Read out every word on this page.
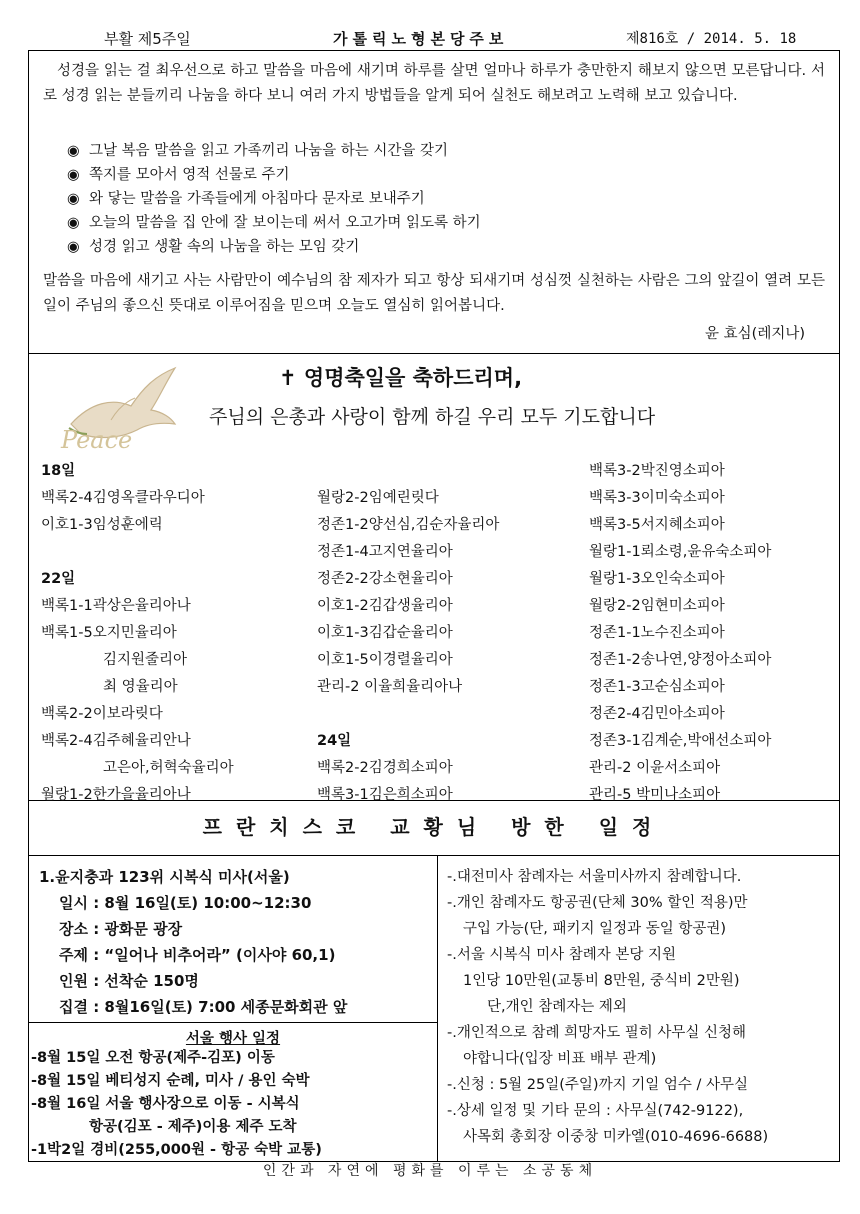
부활 제5주일	가톨릭노형본당주보	제816호 / 2014. 5. 18
성경을 읽는 걸 최우선으로 하고 말씀을 마음에 새기며 하루를 살면 얼마나 하루가 충만한지 해보지 않으면 모른답니다. 서로 성경 읽는 분들끼리 나눔을 하다 보니 여러 가지 방법들을 알게 되어 실천도 해보려고 노력해 보고 있습니다.
◉ 그날 복음 말씀을 읽고 가족끼리 나눔을 하는 시간을 갖기
◉ 쪽지를 모아서 영적 선물로 주기
◉ 와 닿는 말씀을 가족들에게 아침마다 문자로 보내주기
◉ 오늘의 말씀을 집 안에 잘 보이는데 써서 오고가며 읽도록 하기
◉ 성경 읽고 생활 속의 나눔을 하는 모임 갖기
말씀을 마음에 새기고 사는 사람만이 예수님의 참 제자가 되고 항상 되새기며 성심껏 실천하는 사람은 그의 앞길이 열려 모든 일이 주님의 좋으신 뜻대로 이루어짐을 믿으며 오늘도 열심히 읽어봅니다.
윤 효심(레지나)
Peace
✝ 영명축일을 축하드리며,
주님의 은총과 사랑이 함께 하길 우리 모두 기도합니다
18일
백록2-4김영옥클라우디아
이호1-3임성훈에릭
22일
백록1-1곽상은율리아나
백록1-5오지민율리아
김지원줄리아
최 영율리아
백록2-2이보라릿다
백록2-4김주혜율리안나
고은아,허혁숙율리아
월랑1-2한가을율리아나
월랑2-2임예린릿다
정존1-2양선심,김순자율리아
정존1-4고지연율리아
정존2-2강소현율리아
이호1-2김갑생율리아
이호1-3김갑순율리아
이호1-5이경렬율리아
관리-2 이율희율리아나
24일
백록2-2김경희소피아
백록3-1김은희소피아
백록3-2박진영소피아
백록3-3이미숙소피아
백록3-5서지혜소피아
월랑1-1뢰소령,윤유숙소피아
월랑1-3오인숙소피아
월랑2-2임현미소피아
정존1-1노수진소피아
정존1-2송나연,양정아소피아
정존1-3고순심소피아
정존2-4김민아소피아
정존3-1김계순,박애선소피아
관리-2 이윤서소피아
관리-5 박미나소피아
프란치스코 교황님 방한 일정
1.윤지충과 123위 시복식 미사(서울)
일시 : 8월 16일(토) 10:00~12:30
장소 : 광화문 광장
주제 : “일어나 비추어라” (이사야 60,1)
인원 : 선착순 150명
집결 : 8월16일(토) 7:00 세종문화회관 앞
서울 행사 일정
-8월 15일 오전 항공(제주-김포) 이동
-8월 15일 베티성지 순례, 미사 / 용인 숙박
-8월 16일 서울 행사장으로 이동 - 시복식
항공(김포 - 제주)이용 제주 도착
-1박2일 경비(255,000원 - 항공 숙박 교통)
-.대전미사 참례자는 서울미사까지 참례합니다.
-.개인 참례자도 항공권(단체 30% 할인 적용)만
구입 가능(단, 패키지 일정과 동일 항공권)
-.서울 시복식 미사 참례자 본당 지원
1인당 10만원(교통비 8만원, 중식비 2만원)
단,개인 참례자는 제외
-.개인적으로 참례 희망자도 필히 사무실 신청해
야합니다(입장 비표 배부 관계)
-.신청 : 5월 25일(주일)까지 기일 엄수 / 사무실
-.상세 일정 및 기타 문의 : 사무실(742-9122),
사목회 총회장 이중창 미카엘(010-4696-6688)
인간과 자연에 평화를 이루는 소공동체
